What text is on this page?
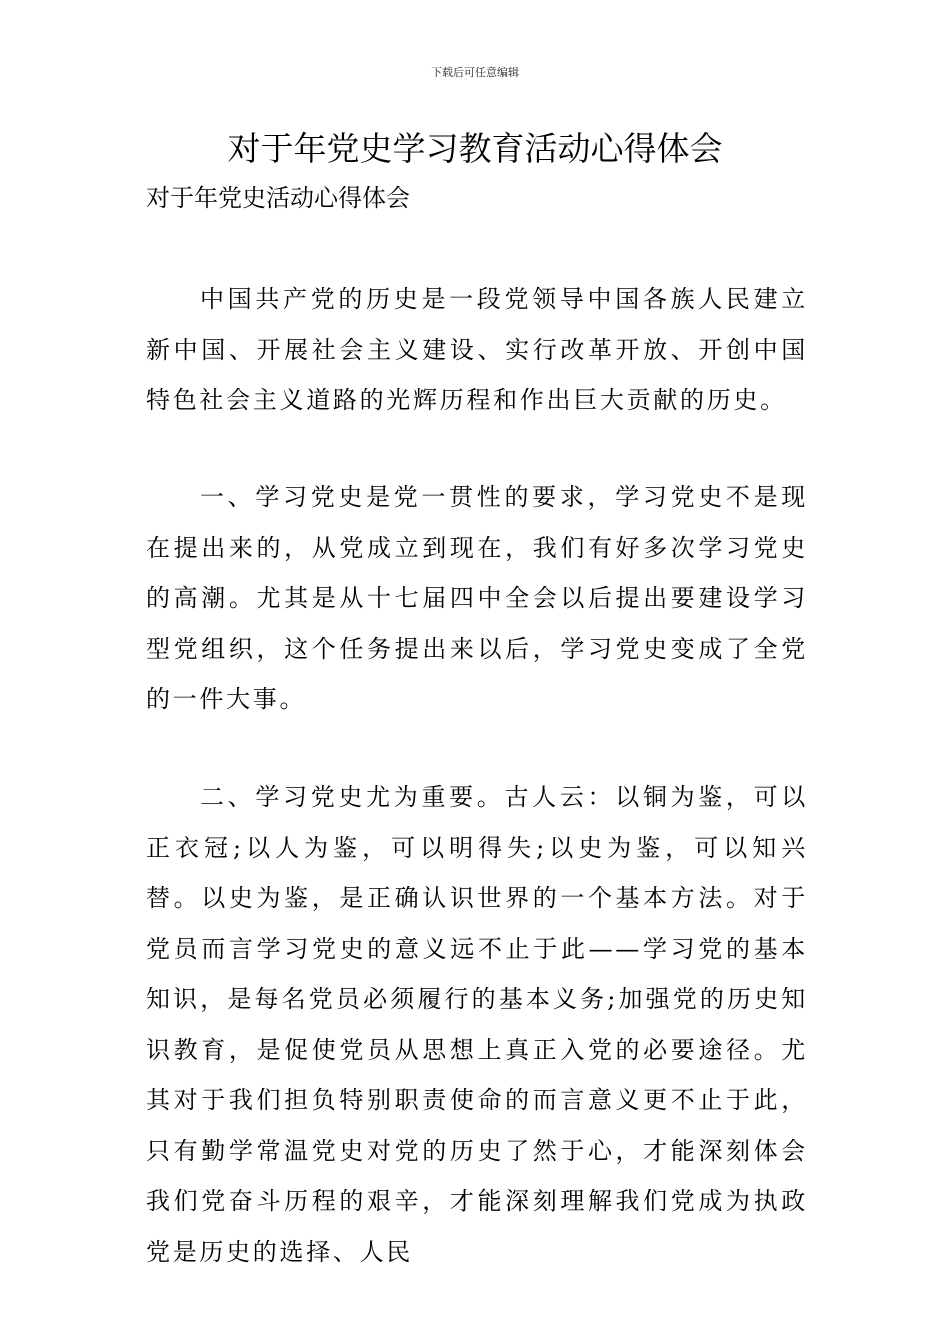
下载后可任意编辑
对于年党史学习教育活动心得体会

对于年党史活动心得体会

中国共产党的历史是一段党领导中国各族人民建立新中国、开展社会主义建设、实行改革开放、开创中国特色社会主义道路的光辉历程和作出巨大贡献的历史。

一、学习党史是党一贯性的要求，学习党史不是现在提出来的，从党成立到现在，我们有好多次学习党史的高潮。尤其是从十七届四中全会以后提出要建设学习型党组织，这个任务提出来以后，学习党史变成了全党的一件大事。

二、学习党史尤为重要。古人云：以铜为鉴，可以正衣冠;以人为鉴，可以明得失;以史为鉴，可以知兴替。以史为鉴，是正确认识世界的一个基本方法。对于党员而言学习党史的意义远不止于此——学习党的基本知识，是每名党员必须履行的基本义务;加强党的历史知识教育，是促使党员从思想上真正入党的必要途径。尤其对于我们担负特别职责使命的而言意义更不止于此，只有勤学常温党史对党的历史了然于心，才能深刻体会我们党奋斗历程的艰辛，才能深刻理解我们党成为执政党是历史的选择、人民
